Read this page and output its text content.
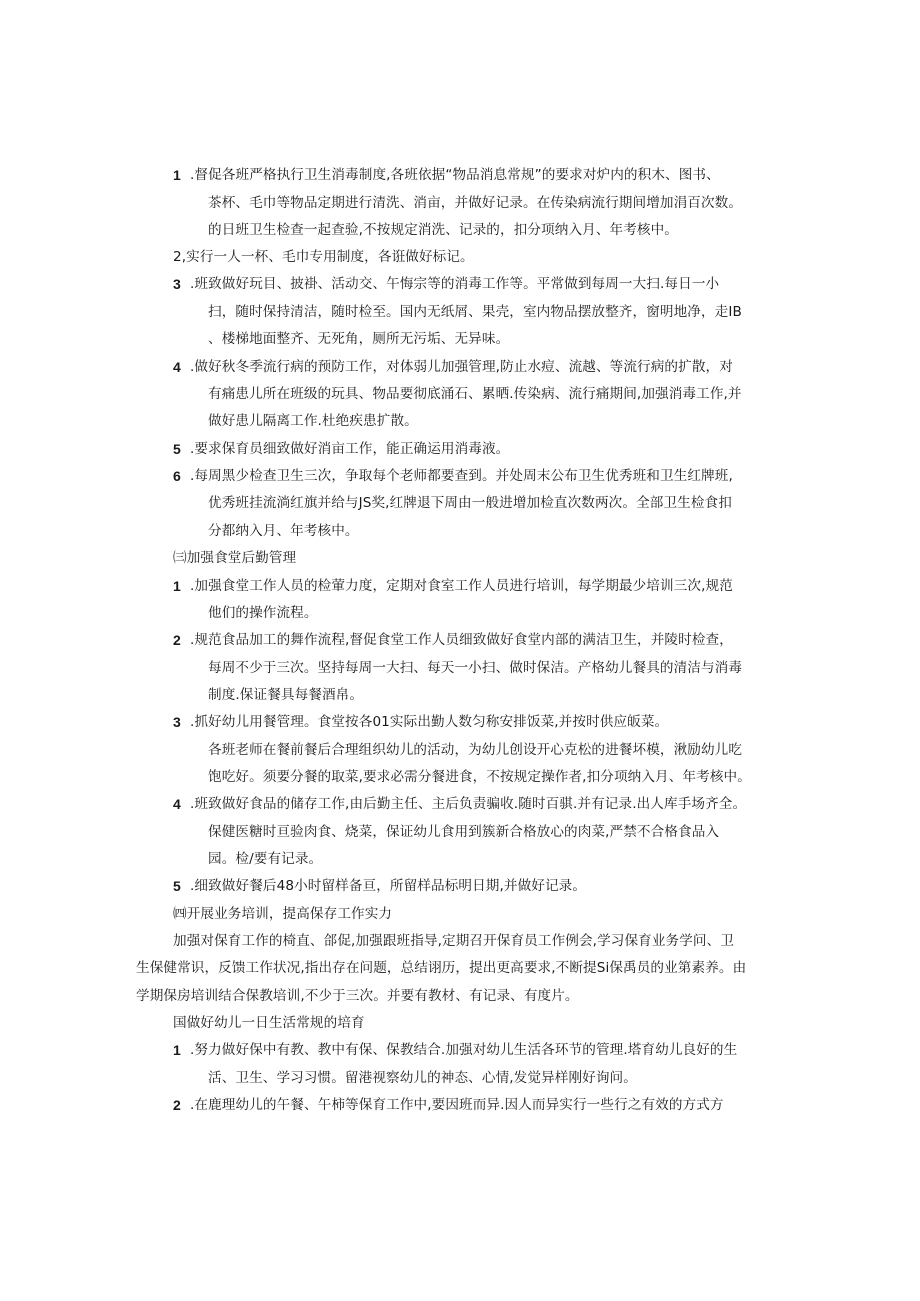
1 .督促各班严格执行卫生消毒制度,各班依据“物品消息常规”的要求对炉内的积木、图书、
茶杯、毛巾等物品定期进行清洗、消亩，并做好记录。在传染病流行期间增加涓百次数。
的日班卫生检查一起查验,不按规定消洗、记录的，扣分项纳入月、年考核中。
2,实行一人一杯、毛巾专用制度，各诳做好标记。
3 .班致做好玩目、披褂、活动交、午悔宗等的消毒工作等。平常做到每周一大扫.每日一小
扫，随时保持清洁，随时检至。国内无纸屑、果壳，室内物品摆放整齐，窗明地净，走IB
、楼梯地面整齐、无死角，厕所无污垢、无异味。
4 .做好秋冬季流行病的预防工作，对体弱儿加强管理,防止水痘、流越、等流行病的扩散，对
有痛患儿所在班级的玩具、物品要彻底涌石、累晒.传染病、流行痛期间,加强消毒工作,并
做好患儿隔离工作.杜绝疾患扩散。
5 .要求保育员细致做好消亩工作，能正确运用消毒液。
6 .每周黑少检查卫生三次，争取每个老师都要查到。并处周末公布卫生优秀班和卫生红牌班,
优秀班挂流淌红旗并给与JS奖,红牌退下周由一般进增加检直次数两次。全部卫生检食扣
分都纳入月、年考核中。
㈢加强食堂后勤管理
1 .加强食堂工作人员的检葷力度，定期对食室工作人员进行培训，每学期最少培训三次,规范
他们的操作流程。
2 .规范食品加工的舞作流程,督促食堂工作人员细致做好食堂内部的满洁卫生，并陵时检查，
每周不少于三次。坚持每周一大扫、每天一小扫、做时保洁。产格幼儿餐具的清洁与消毒
制度.保证餐具每餐酒帛。
3 .抓好幼儿用餐管理。食堂按各01实际出勤人数匀称安排饭菜,并按时供应皈菜。
各班老师在餐前餐后合理组织幼儿的活动，为幼儿创设开心克松的进餐坏模，湫励幼儿吃
饱吃好。须要分餐的取菜,要求必需分餐进食，不按规定操作者,扣分项纳入月、年考核中。
4 .班致做好食品的储存工作,由后勤主任、主后负责骗收.随时百骐.并有记录.出人库手场齐全。
保健医糖时亘验肉食、烧菜，保证幼儿食用到簇新合格放心的肉菜,严禁不合格食品入
园。检/要有记录。
5 .细致做好餐后48小时留样备亘，所留样品标明日期,并做好记录。
㈣开展业务培训，提高保存工作实力
加强对保育工作的椅直、郃促,加强跟班指导,定期召开保育员工作例会,学习保育业务学问、卫
生保健常识，反馈工作状况,指出存在问题，总结诩历，提出更高要求,不断提Si保禹员的业第素养。由
学期保房培训结合保教培训,不少于三次。并要有教材、有记录、有度片。
国做好幼儿一日生活常规的培育
1 .努力做好保中有教、教中有保、保教结合.加强对幼儿生活各环节的管理.塔育幼儿良好的生
活、卫生、学习习惯。留港视察幼儿的神态、心情,发觉异样刚好询问。
2 .在鹿理幼儿的午餐、午柿等保育工作中,要因班而异.因人而异实行一些行之有效的方式方
